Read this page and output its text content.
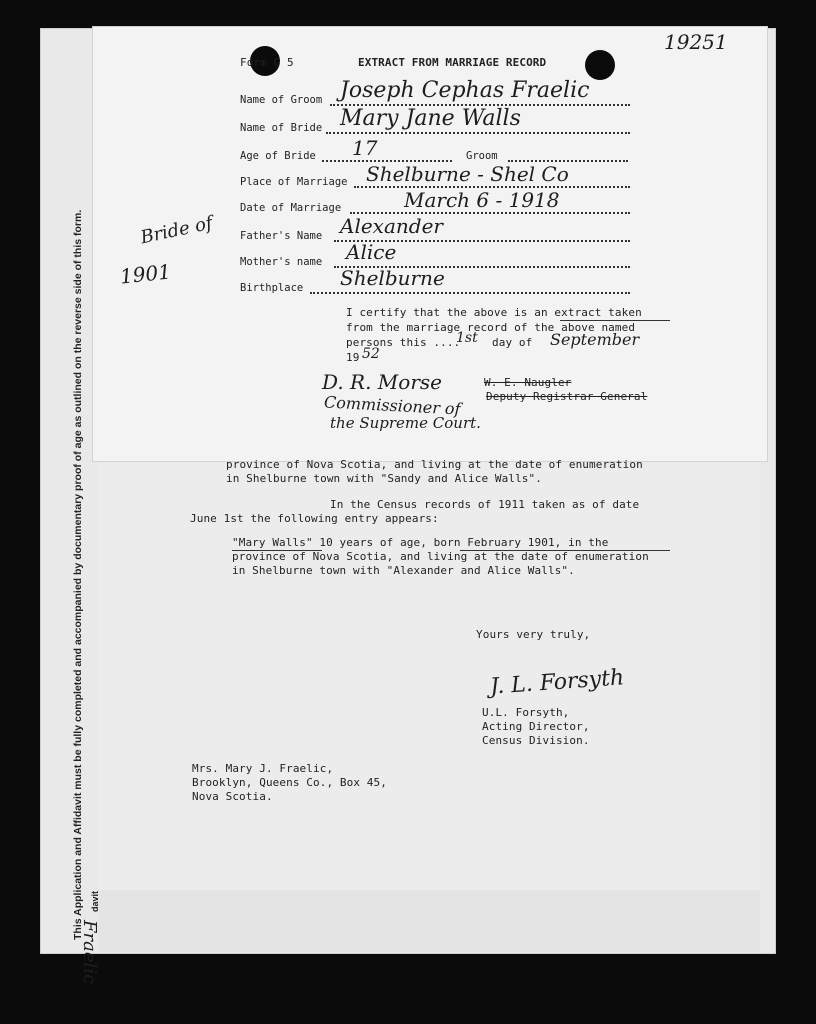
19251
This Application and Affidavit must be fully completed and accompanied by documentary proof of age as outlined on the reverse side of this form.	Bride of
1901
Form G 5	EXTRACT FROM MARRIAGE RECORD
Name of Groom Joseph Cephas Fraelic
Name of Bride Mary Jane Walls
Age of Bride 17	Groom
Place of Marriage Shelburne - Shel Co
Date of Marriage	March 6 - 1918
Father's Name Alexander
Mother's name Alice
Birthplace Shelburne
I certify that the above is an extract taken
from the marriage record of the above named
persons this ....
1st day of September
19 52
D. R. Morse	W. E. Naugler
Deputy Registrar General
Commissioner of
the Supreme Court.
province of Nova Scotia, and living at the date of enumeration
in Shelburne town with "Sandy and Alice Walls".
In the Census records of 1911 taken as of date
June 1st the following entry appears:
"Mary Walls" 10 years of age, born February 1901, in the
province of Nova Scotia, and living at the date of enumeration
in Shelburne town with "Alexander and Alice Walls".
Yours very truly,
J. L. Forsyth
U.L. Forsyth,
Acting Director,
Census Division.
Mrs. Mary J. Fraelic,
Brooklyn, Queens Co., Box 45,
Nova Scotia.
Fraelic
davit
